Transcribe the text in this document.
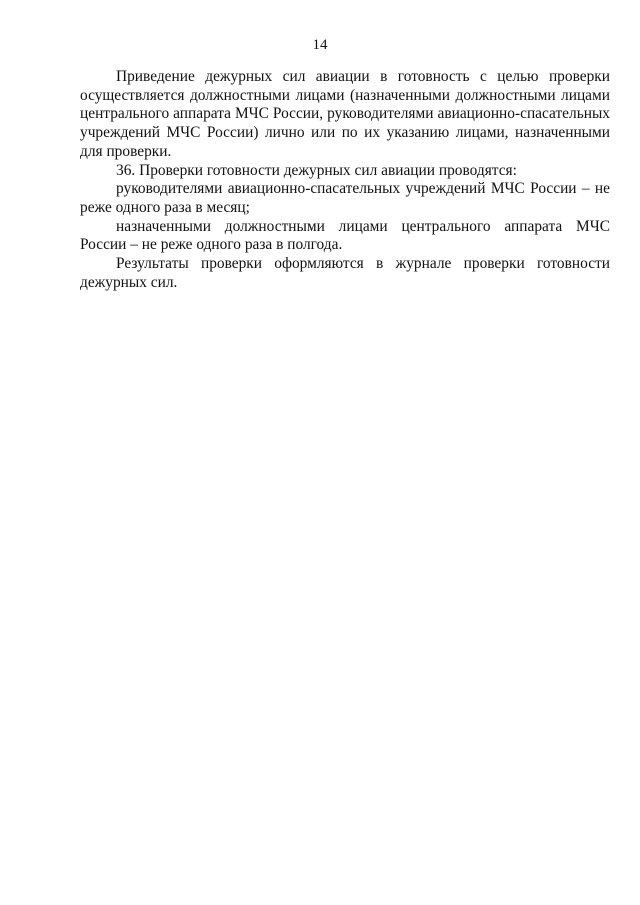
14

Приведение дежурных сил авиации в готовность с целью проверки осуществляется должностными лицами (назначенными должностными лицами центрального аппарата МЧС России, руководителями авиационно-спасательных учреждений МЧС России) лично или по их указанию лицами, назначенными для проверки.

36. Проверки готовности дежурных сил авиации проводятся:

руководителями авиационно-спасательных учреждений МЧС России – не реже одного раза в месяц;

назначенными должностными лицами центрального аппарата МЧС России – не реже одного раза в полгода.

Результаты проверки оформляются в журнале проверки готовности дежурных сил.
